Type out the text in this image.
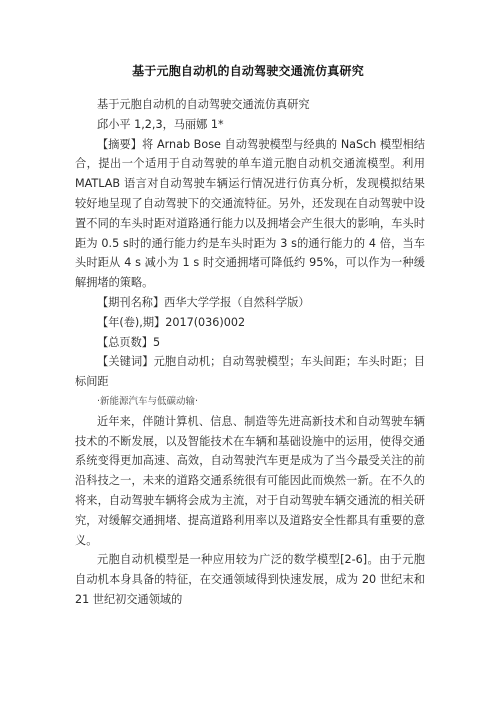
基于元胞自动机的自动驾驶交通流仿真研究

基于元胞自动机的自动驾驶交通流仿真研究

邱小平 1,2,3，马丽娜 1*

【摘要】将 Arnab Bose 自动驾驶模型与经典的 NaSch 模型相结合，提出一个适用于自动驾驶的单车道元胞自动机交通流模型。利用 MATLAB 语言对自动驾驶车辆运行情况进行仿真分析，发现模拟结果较好地呈现了自动驾驶下的交通流特征。另外，还发现在自动驾驶中设置不同的车头时距对道路通行能力以及拥堵会产生很大的影响，车头时距为 0.5 s时的通行能力约是车头时距为 3 s的通行能力的 4 倍，当车头时距从 4 s 减小为 1 s 时交通拥堵可降低约 95%，可以作为一种缓解拥堵的策略。

【期刊名称】西华大学学报（自然科学版）

【年(卷),期】2017(036)002

【总页数】5

【关键词】元胞自动机；自动驾驶模型；车头间距；车头时距；目标间距

·新能源汽车与低碳动输·

近年来，伴随计算机、信息、制造等先进高新技术和自动驾驶车辆技术的不断发展，以及智能技术在车辆和基础设施中的运用，使得交通系统变得更加高速、高效，自动驾驶汽车更是成为了当今最受关注的前沿科技之一，未来的道路交通系统很有可能因此而焕然一新。在不久的将来，自动驾驶车辆将会成为主流，对于自动驾驶车辆交通流的相关研究，对缓解交通拥堵、提高道路利用率以及道路安全性都具有重要的意义。

元胞自动机模型是一种应用较为广泛的数学模型[2-6]。由于元胞自动机本身具备的特征，在交通领域得到快速发展，成为 20 世纪末和 21 世纪初交通领域的
